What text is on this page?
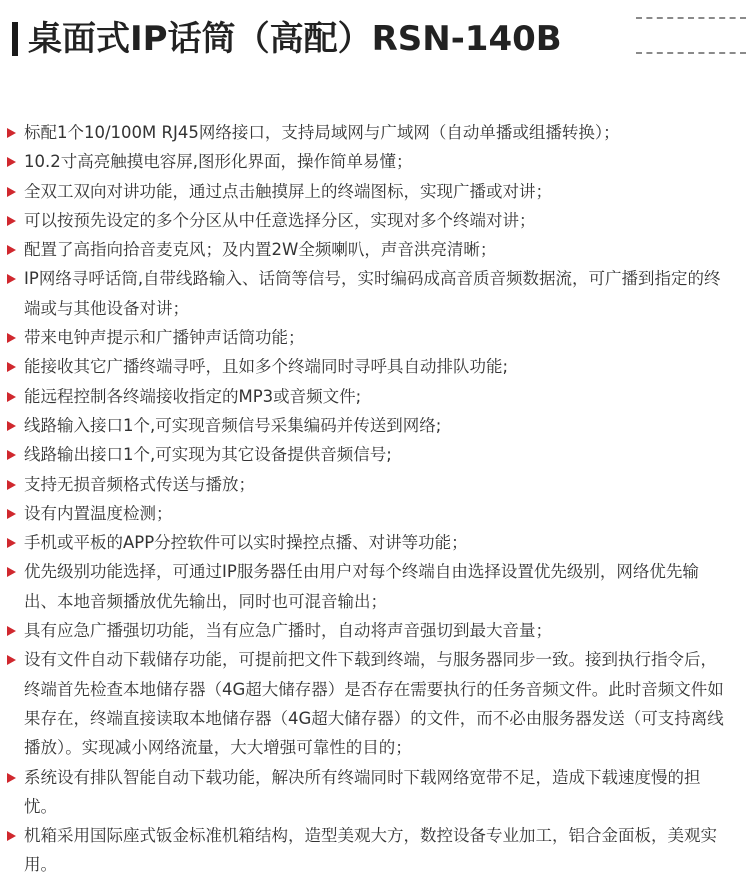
桌面式IP话筒（高配）RSN-140B
标配1个10/100M RJ45网络接口，支持局域网与广域网（自动单播或组播转换）；
10.2寸高亮触摸电容屏,图形化界面，操作简单易懂；
全双工双向对讲功能，通过点击触摸屏上的终端图标，实现广播或对讲；
可以按预先设定的多个分区从中任意选择分区，实现对多个终端对讲；
配置了高指向拾音麦克风；及内置2W全频喇叭，声音洪亮清晰；
IP网络寻呼话筒,自带线路输入、话筒等信号，实时编码成高音质音频数据流，可广播到指定的终端或与其他设备对讲；
带来电钟声提示和广播钟声话筒功能；
能接收其它广播终端寻呼，且如多个终端同时寻呼具自动排队功能;
能远程控制各终端接收指定的MP3或音频文件;
线路输入接口1个,可实现音频信号采集编码并传送到网络;
线路输出接口1个,可实现为其它设备提供音频信号;
支持无损音频格式传送与播放；
设有内置温度检测；
手机或平板的APP分控软件可以实时操控点播、对讲等功能；
优先级别功能选择，可通过IP服务器任由用户对每个终端自由选择设置优先级别，网络优先输出、本地音频播放优先输出，同时也可混音输出；
具有应急广播强切功能，当有应急广播时，自动将声音强切到最大音量；
设有文件自动下载储存功能，可提前把文件下载到终端，与服务器同步一致。接到执行指令后，终端首先检查本地储存器（4G超大储存器）是否存在需要执行的任务音频文件。此时音频文件如果存在，终端直接读取本地储存器（4G超大储存器）的文件，而不必由服务器发送（可支持离线播放）。实现减小网络流量，大大增强可靠性的目的；
系统设有排队智能自动下载功能，解决所有终端同时下载网络宽带不足，造成下载速度慢的担忧。
机箱采用国际座式钣金标准机箱结构，造型美观大方，数控设备专业加工，铝合金面板，美观实用。
